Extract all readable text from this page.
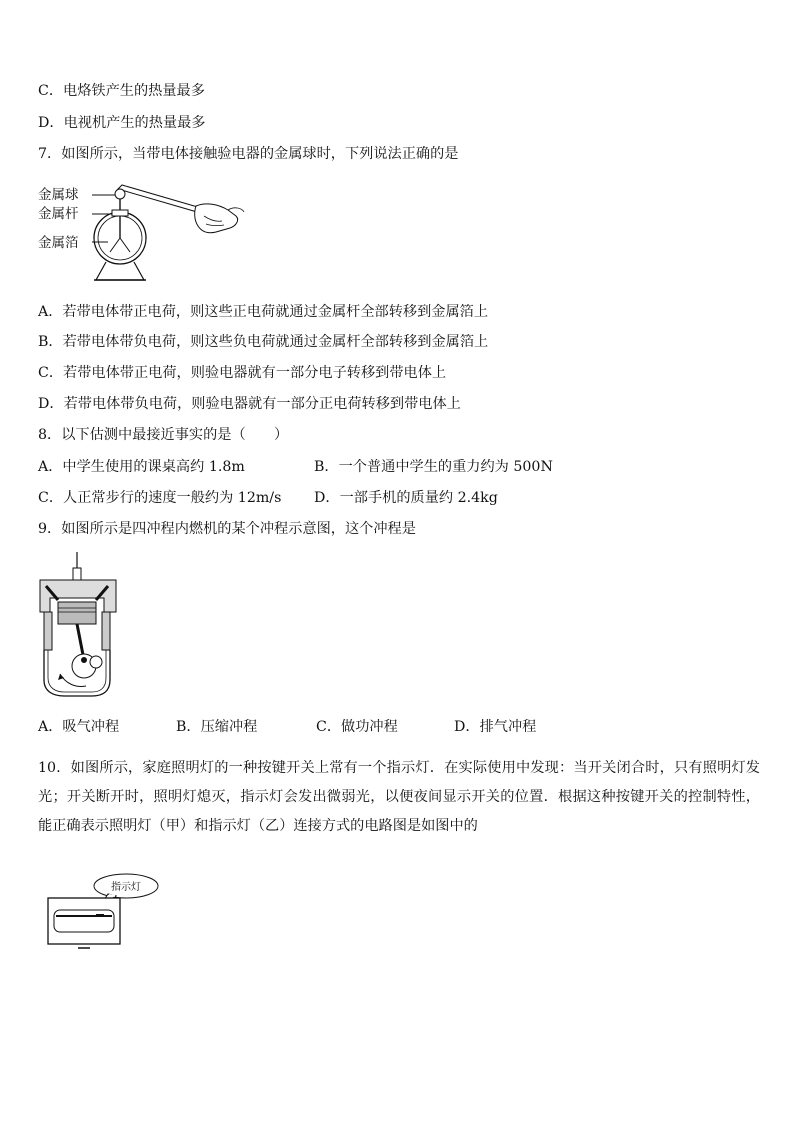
C．电烙铁产生的热量最多
D．电视机产生的热量最多
7．如图所示，当带电体接触验电器的金属球时，下列说法正确的是
金属球
金属杆
金属箔
A．若带电体带正电荷，则这些正电荷就通过金属杆全部转移到金属箔上
B．若带电体带负电荷，则这些负电荷就通过金属杆全部转移到金属箔上
C．若带电体带正电荷，则验电器就有一部分电子转移到带电体上
D．若带电体带负电荷，则验电器就有一部分正电荷转移到带电体上
8．以下估测中最接近事实的是（　　）
A．中学生使用的课桌高约 1.8m	B．一个普通中学生的重力约为 500N
C．人正常步行的速度一般约为 12m/s D．一部手机的质量约 2.4kg
9．如图所示是四冲程内燃机的某个冲程示意图，这个冲程是
A．吸气冲程	B．压缩冲程	C．做功冲程	D．排气冲程
10．如图所示，家庭照明灯的一种按键开关上常有一个指示灯．在实际使用中发现：当开关闭合时，只有照明灯发光；开关断开时，照明灯熄灭，指示灯会发出微弱光，以便夜间显示开关的位置．根据这种按键开关的控制特性，能正确表示照明灯（甲）和指示灯（乙）连接方式的电路图是如图中的
指示灯
